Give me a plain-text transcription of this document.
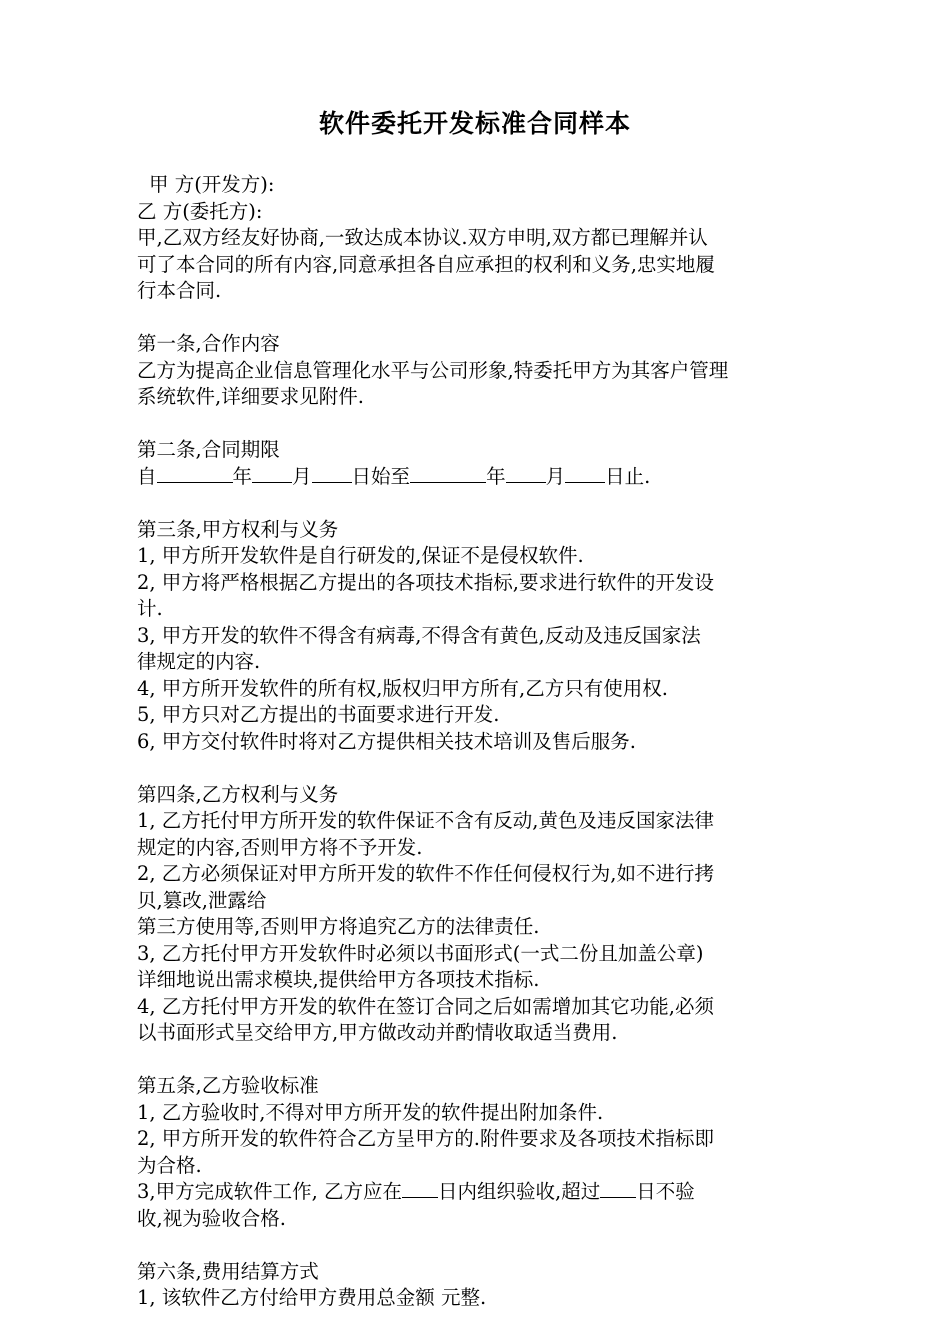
软件委托开发标准合同样本
甲 方(开发方):
乙 方(委托方):
甲,乙双方经友好协商,一致达成本协议.双方申明,双方都已理解并认
可了本合同的所有内容,同意承担各自应承担的权利和义务,忠实地履
行本合同.
第一条,合作内容
乙方为提高企业信息管理化水平与公司形象,特委托甲方为其客户管理
系统软件,详细要求见附件.
第二条,合同期限
自	年 月 日始至	年 月 日止.
第三条,甲方权利与义务
1, 甲方所开发软件是自行研发的,保证不是侵权软件.
2, 甲方将严格根据乙方提出的各项技术指标,要求进行软件的开发设
计.
3, 甲方开发的软件不得含有病毒,不得含有黄色,反动及违反国家法
律规定的内容.
4, 甲方所开发软件的所有权,版权归甲方所有,乙方只有使用权.
5, 甲方只对乙方提出的书面要求进行开发.
6, 甲方交付软件时将对乙方提供相关技术培训及售后服务.
第四条,乙方权利与义务
1, 乙方托付甲方所开发的软件保证不含有反动,黄色及违反国家法律
规定的内容,否则甲方将不予开发.
2, 乙方必须保证对甲方所开发的软件不作任何侵权行为,如不进行拷
贝,篡改,泄露给
第三方使用等,否则甲方将追究乙方的法律责任.
3, 乙方托付甲方开发软件时必须以书面形式(一式二份且加盖公章)
详细地说出需求模块,提供给甲方各项技术指标.
4, 乙方托付甲方开发的软件在签订合同之后如需增加其它功能,必须
以书面形式呈交给甲方,甲方做改动并酌情收取适当费用.
第五条,乙方验收标准
1, 乙方验收时,不得对甲方所开发的软件提出附加条件.
2, 甲方所开发的软件符合乙方呈甲方的.附件要求及各项技术指标即
为合格.
3,甲方完成软件工作, 乙方应在 日内组织验收,超过 日不验
收,视为验收合格.
第六条,费用结算方式
1, 该软件乙方付给甲方费用总金额 元整.
